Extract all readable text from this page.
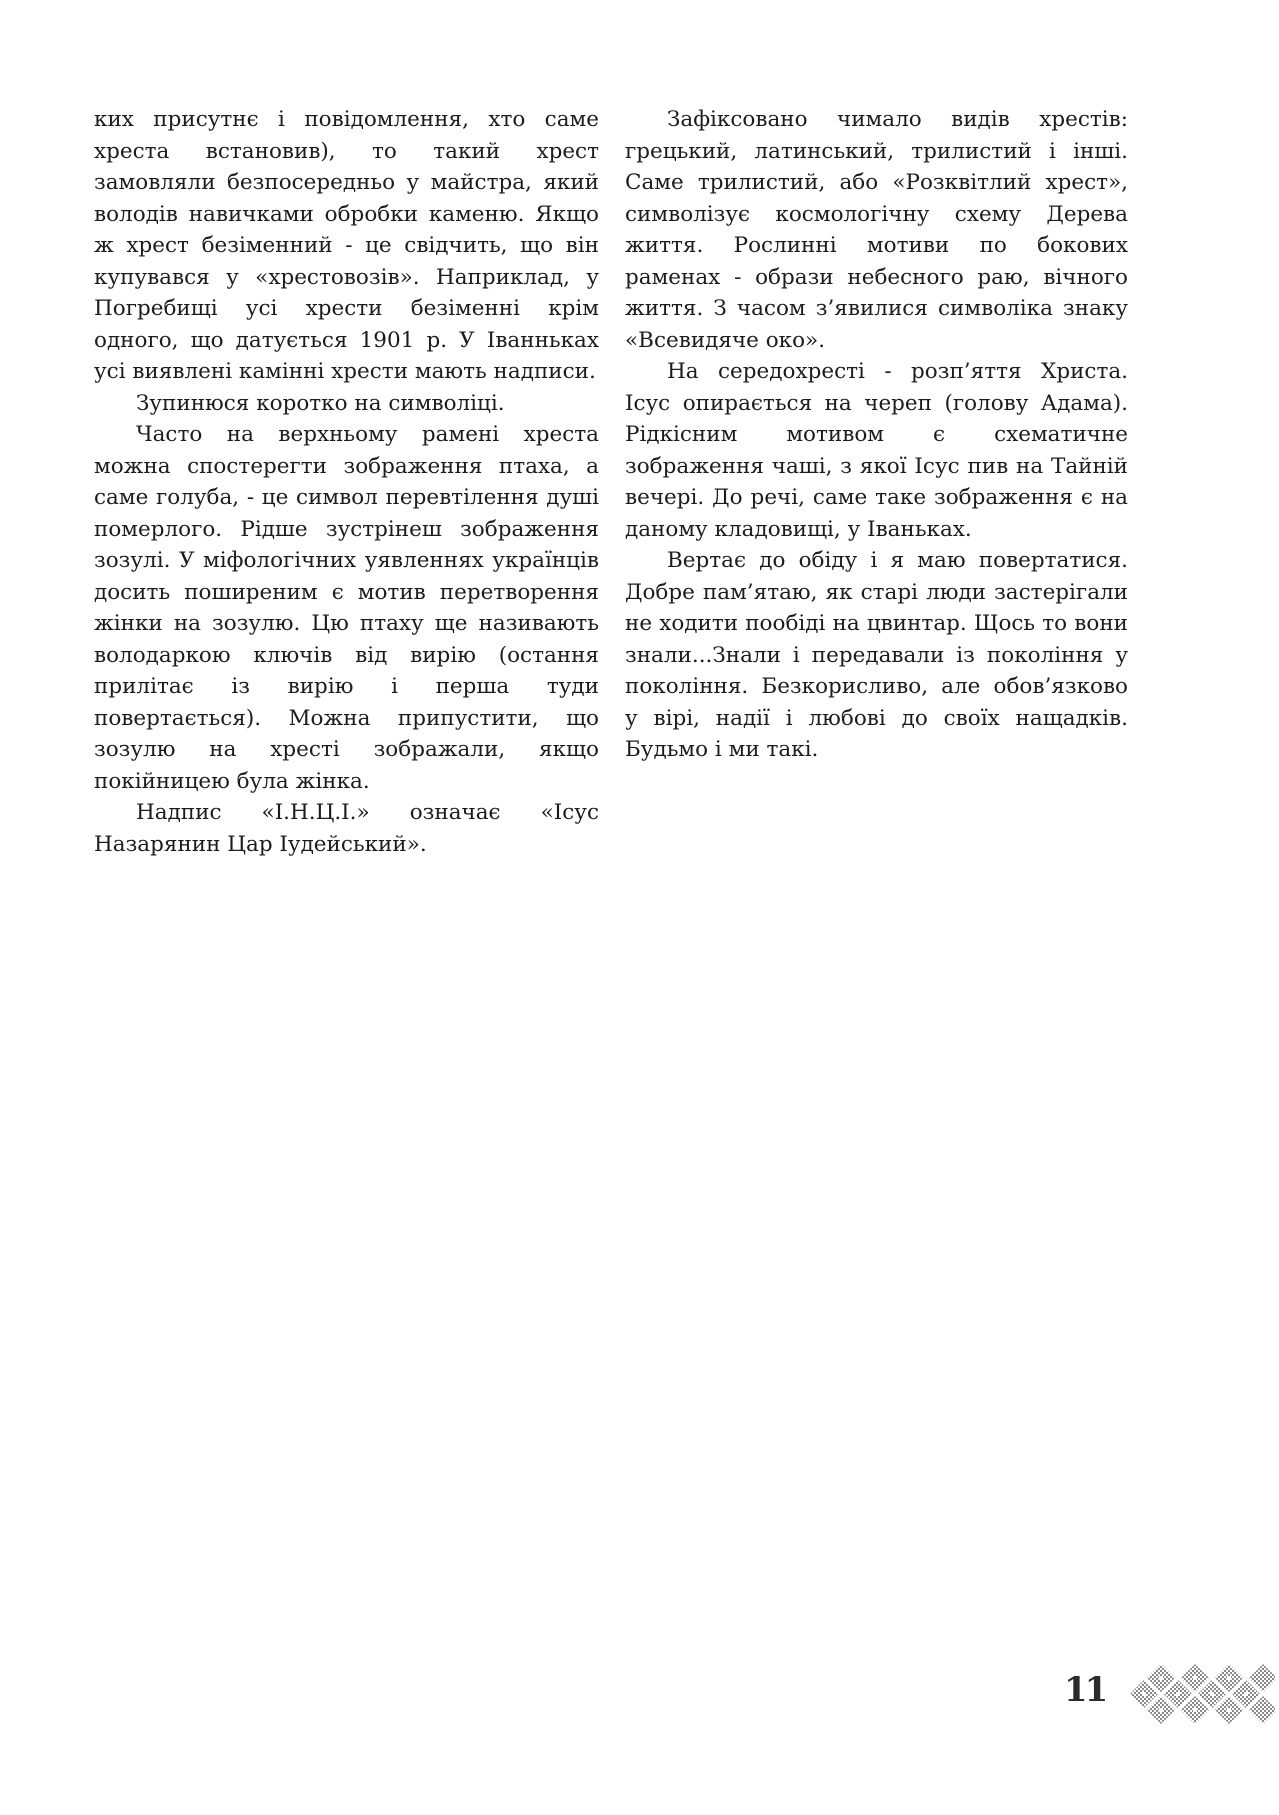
ких присутнє і повідомлення, хто саме хреста встановив), то такий хрест замовляли безпосередньо у майстра, який володів навичками обробки каменю. Якщо ж хрест безіменний - це свідчить, що він купувався у «хрестовозів». Наприклад, у Погребищі усі хрести безіменні крім одного, що датується 1901 р. У Іванньках усі виявлені камінні хрести мають надписи.

Зупинюся коротко на символіці.

Часто на верхньому рамені хреста можна спостерегти зображення птаха, а саме голуба, - це символ перевтілення душі померлого. Рідше зустрінеш зображення зозулі. У міфологічних уявленнях українців досить поширеним є мотив перетворення жінки на зозулю. Цю птаху ще називають володаркою ключів від вирію (остання прилітає із вирію і перша туди повертається). Можна припустити, що зозулю на хресті зображали, якщо покійницею була жінка.

Надпис «І.Н.Ц.І.» означає «Ісус Назарянин Цар Іудейський».

Зафіксовано чимало видів хрестів: грецький, латинський, трилистий і інші. Саме трилистий, або «Розквітлий хрест», символізує космологічну схему Дерева життя. Рослинні мотиви по бокових раменах - образи небесного раю, вічного життя. З часом з’явилися символіка знаку «Всевидяче око».

На середохресті - розп’яття Христа. Ісус опирається на череп (голову Адама). Рідкісним мотивом є схематичне зображення чаші, з якої Ісус пив на Тайній вечері. До речі, саме таке зображення є на даному кладовищі, у Іваньках.

Вертає до обіду і я маю повертатися. Добре пам’ятаю, як старі люди застерігали не ходити пообіді на цвинтар. Щось то вони знали...Знали і передавали із покоління у покоління. Безкорисливо, але обов’язково у вірі, надії і любові до своїх нащадків. Будьмо і ми такі.

11
